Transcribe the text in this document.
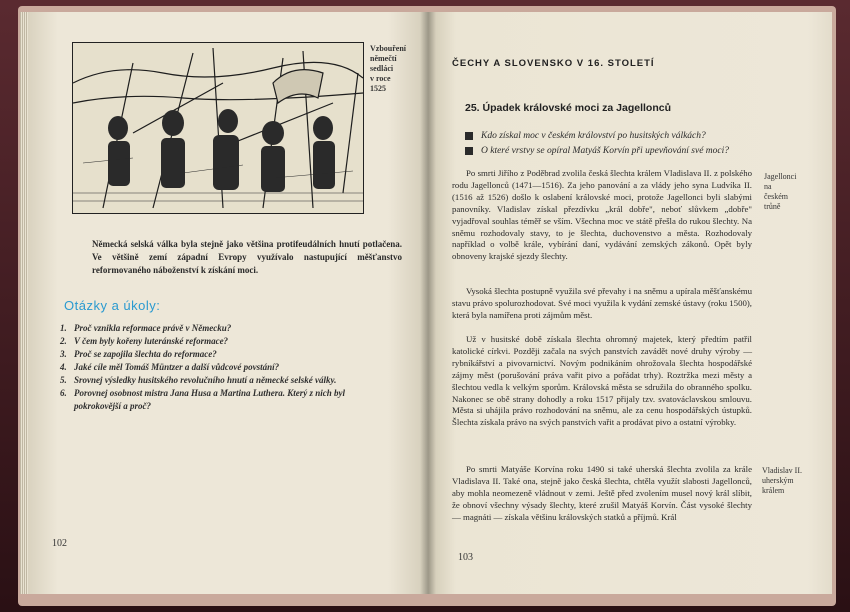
Vzbouření
němečtí
sedláci
v roce
1525
Německá selská válka byla stejně jako většina protifeudálních hnutí potlačena. Ve většině zemí západní Evropy využívalo nastupující měšťanstvo reformovaného náboženství k získání moci.
Otázky a úkoly:
1. Proč vznikla reformace právě v Německu?
2. V čem byly kořeny luteránské reformace?
3. Proč se zapojila šlechta do reformace?
4. Jaké cíle měl Tomáš Müntzer a další vůdcové povstání?
5. Srovnej výsledky husitského revolučního hnutí a německé selské války.
6. Porovnej osobnost mistra Jana Husa a Martina Luthera. Který z nich byl pokrokovější a proč?
102
ČECHY A SLOVENSKO V 16. STOLETÍ
25. Úpadek královské moci za Jagellonců
Kdo získal moc v českém království po husitských válkách?
O které vrstvy se opíral Matyáš Korvín při upevňování své moci?
Po smrti Jiřího z Poděbrad zvolila česká šlechta králem Vladislava II. z polského rodu Jagellonců (1471—1516). Za jeho panování a za vlády jeho syna Ludvíka II. (1516 až 1526) došlo k oslabení královské moci, protože Jagellonci byli slabými panovníky. Vladislav získal přezdívku „král dobře", neboť slůvkem „dobře" vyjadřoval souhlas téměř se vším. Všechna moc ve státě přešla do rukou šlechty. Na sněmu rozhodovaly stavy, to je šlechta, duchovenstvo a města. Rozhodovaly například o volbě krále, vybírání daní, vydávání zemských zákonů. Opět byly obnoveny krajské sjezdy šlechty.
Vysoká šlechta postupně využila své převahy i na sněmu a upírala měšťanskému stavu právo spolurozhodovat. Své moci využila k vydání zemské ústavy (roku 1500), která byla namířena proti zájmům měst.
Už v husitské době získala šlechta ohromný majetek, který předtím patřil katolické církvi. Později začala na svých panstvích zavádět nové druhy výroby — rybníkářství a pivovarnictví. Novým podnikáním ohrožovala šlechta hospodářské zájmy měst (porušování práva vařit pivo a pořádat trhy). Roztržka mezi městy a šlechtou vedla k velkým sporům. Královská města se sdružila do obranného spolku. Nakonec se obě strany dohodly a roku 1517 přijaly tzv. svatováclavskou smlouvu. Města si uhájila právo rozhodování na sněmu, ale za cenu hospodářských ústupků. Šlechta získala právo na svých panstvích vařit a prodávat pivo a ostatní výrobky.
Po smrti Matyáše Korvína roku 1490 si také uherská šlechta zvolila za krále Vladislava II. Také ona, stejně jako česká šlechta, chtěla využít slabosti Jagellonců, aby mohla neomezeně vládnout v zemi. Ještě před zvolením musel nový král slíbit, že obnoví všechny výsady šlechty, které zrušil Matyáš Korvín. Část vysoké šlechty — magnáti — získala většinu královských statků a příjmů. Král
Jagellonci
na
českém
trůně
Vladislav II.
uherským
králem
103
